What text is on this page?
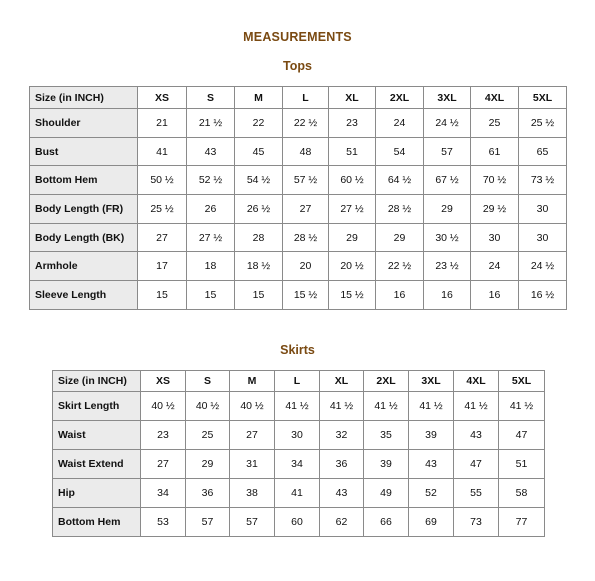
MEASUREMENTS
Tops
Size (in INCH)	XS	S	M	L	XL	2XL	3XL	4XL	5XL
Shoulder	21	21 ½	22	22 ½	23	24	24 ½	25	25 ½
Bust	41	43	45	48	51	54	57	61	65
Bottom Hem	50 ½	52 ½	54 ½	57 ½	60 ½	64 ½	67 ½	70 ½	73 ½
Body Length (FR)	25 ½	26	26 ½	27	27 ½	28 ½	29	29 ½	30
Body Length (BK)	27	27 ½	28	28 ½	29	29	30 ½	30	30
Armhole	17	18	18 ½	20	20 ½	22 ½	23 ½	24	24 ½
Sleeve Length	15	15	15	15 ½	15 ½	16	16	16	16 ½
Skirts
Size (in INCH)	XS	S	M	L	XL	2XL	3XL	4XL	5XL
Skirt Length	40 ½	40 ½	40 ½	41 ½	41 ½	41 ½	41 ½	41 ½	41 ½
Waist	23	25	27	30	32	35	39	43	47
Waist Extend	27	29	31	34	36	39	43	47	51
Hip	34	36	38	41	43	49	52	55	58
Bottom Hem	53	57	57	60	62	66	69	73	77
